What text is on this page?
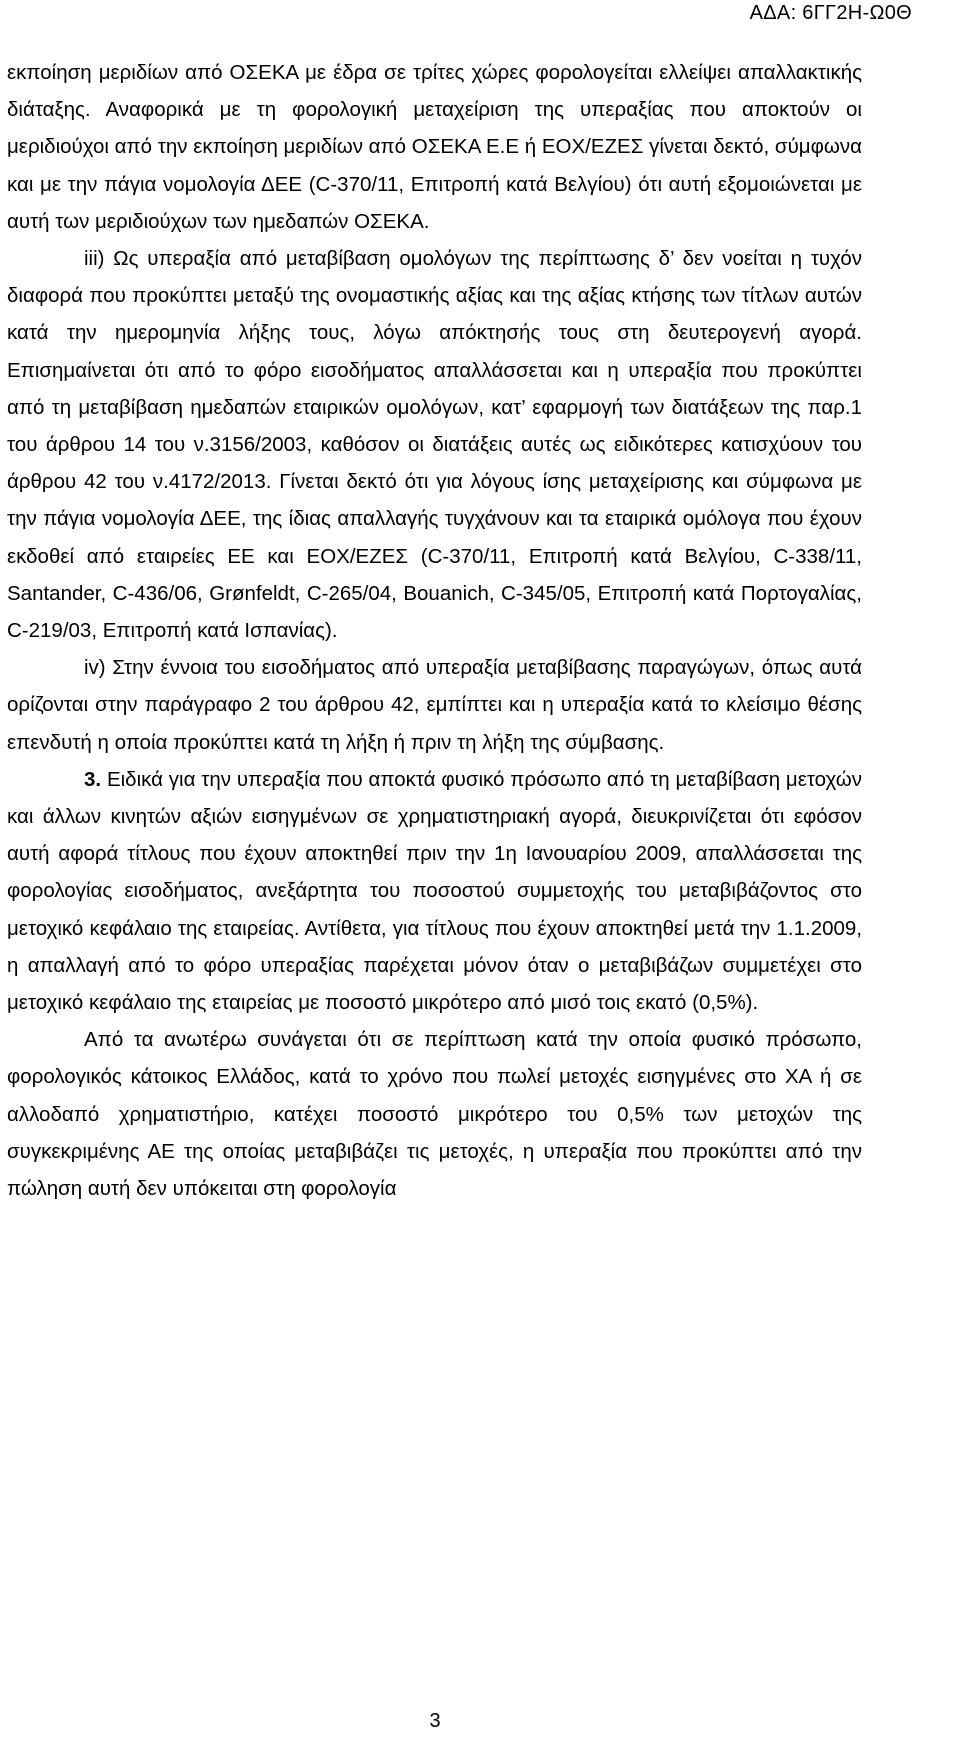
ΑΔΑ: 6ΓΓ2Η-Ω0Θ

εκποίηση μεριδίων από ΟΣΕΚΑ με έδρα σε τρίτες χώρες φορολογείται ελλείψει απαλλακτικής διάταξης. Αναφορικά με τη φορολογική μεταχείριση της υπεραξίας που αποκτούν οι μεριδιούχοι από την εκποίηση μεριδίων από ΟΣΕΚΑ Ε.Ε ή ΕΟΧ/ΕΖΕΣ γίνεται δεκτό, σύμφωνα και με την πάγια νομολογία ΔΕΕ (C-370/11, Επιτροπή κατά Βελγίου) ότι αυτή εξομοιώνεται με αυτή των μεριδιούχων των ημεδαπών ΟΣΕΚΑ.

iii) Ως υπεραξία από μεταβίβαση ομολόγων της περίπτωσης δ’ δεν νοείται η τυχόν διαφορά που προκύπτει μεταξύ της ονομαστικής αξίας και της αξίας κτήσης των τίτλων αυτών κατά την ημερομηνία λήξης τους, λόγω απόκτησής τους στη δευτερογενή αγορά. Επισημαίνεται ότι από το φόρο εισοδήματος απαλλάσσεται και η υπεραξία που προκύπτει από τη μεταβίβαση ημεδαπών εταιρικών ομολόγων, κατ’ εφαρμογή των διατάξεων της παρ.1 του άρθρου 14 του ν.3156/2003, καθόσον οι διατάξεις αυτές ως ειδικότερες κατισχύουν του άρθρου 42 του ν.4172/2013. Γίνεται δεκτό ότι για λόγους ίσης μεταχείρισης και σύμφωνα με την πάγια νομολογία ΔΕΕ, της ίδιας απαλλαγής τυγχάνουν και τα εταιρικά ομόλογα που έχουν εκδοθεί από εταιρείες ΕΕ και ΕΟΧ/ΕΖΕΣ (C-370/11, Επιτροπή κατά Βελγίου, C-338/11, Santander, C-436/06, Grønfeldt, C-265/04, Bouanich, C-345/05, Επιτροπή κατά Πορτογαλίας, C-219/03, Επιτροπή κατά Ισπανίας).

iv) Στην έννοια του εισοδήματος από υπεραξία μεταβίβασης παραγώγων, όπως αυτά ορίζονται στην παράγραφο 2 του άρθρου 42, εμπίπτει και η υπεραξία κατά το κλείσιμο θέσης επενδυτή η οποία προκύπτει κατά τη λήξη ή πριν τη λήξη της σύμβασης.

3. Ειδικά για την υπεραξία που αποκτά φυσικό πρόσωπο από τη μεταβίβαση μετοχών και άλλων κινητών αξιών εισηγμένων σε χρηματιστηριακή αγορά, διευκρινίζεται ότι εφόσον αυτή αφορά τίτλους που έχουν αποκτηθεί πριν την 1η Ιανουαρίου 2009, απαλλάσσεται της φορολογίας εισοδήματος, ανεξάρτητα του ποσοστού συμμετοχής του μεταβιβάζοντος στο μετοχικό κεφάλαιο της εταιρείας. Αντίθετα, για τίτλους που έχουν αποκτηθεί μετά την 1.1.2009, η απαλλαγή από το φόρο υπεραξίας παρέχεται μόνον όταν ο μεταβιβάζων συμμετέχει στο μετοχικό κεφάλαιο της εταιρείας με ποσοστό μικρότερο από μισό τοις εκατό (0,5%).

Από τα ανωτέρω συνάγεται ότι σε περίπτωση κατά την οποία φυσικό πρόσωπο, φορολογικός κάτοικος Ελλάδος, κατά το χρόνο που πωλεί μετοχές εισηγμένες στο ΧΑ ή σε αλλοδαπό χρηματιστήριο, κατέχει ποσοστό μικρότερο του 0,5% των μετοχών της συγκεκριμένης ΑΕ της οποίας μεταβιβάζει τις μετοχές, η υπεραξία που προκύπτει από την πώληση αυτή δεν υπόκειται στη φορολογία

3
